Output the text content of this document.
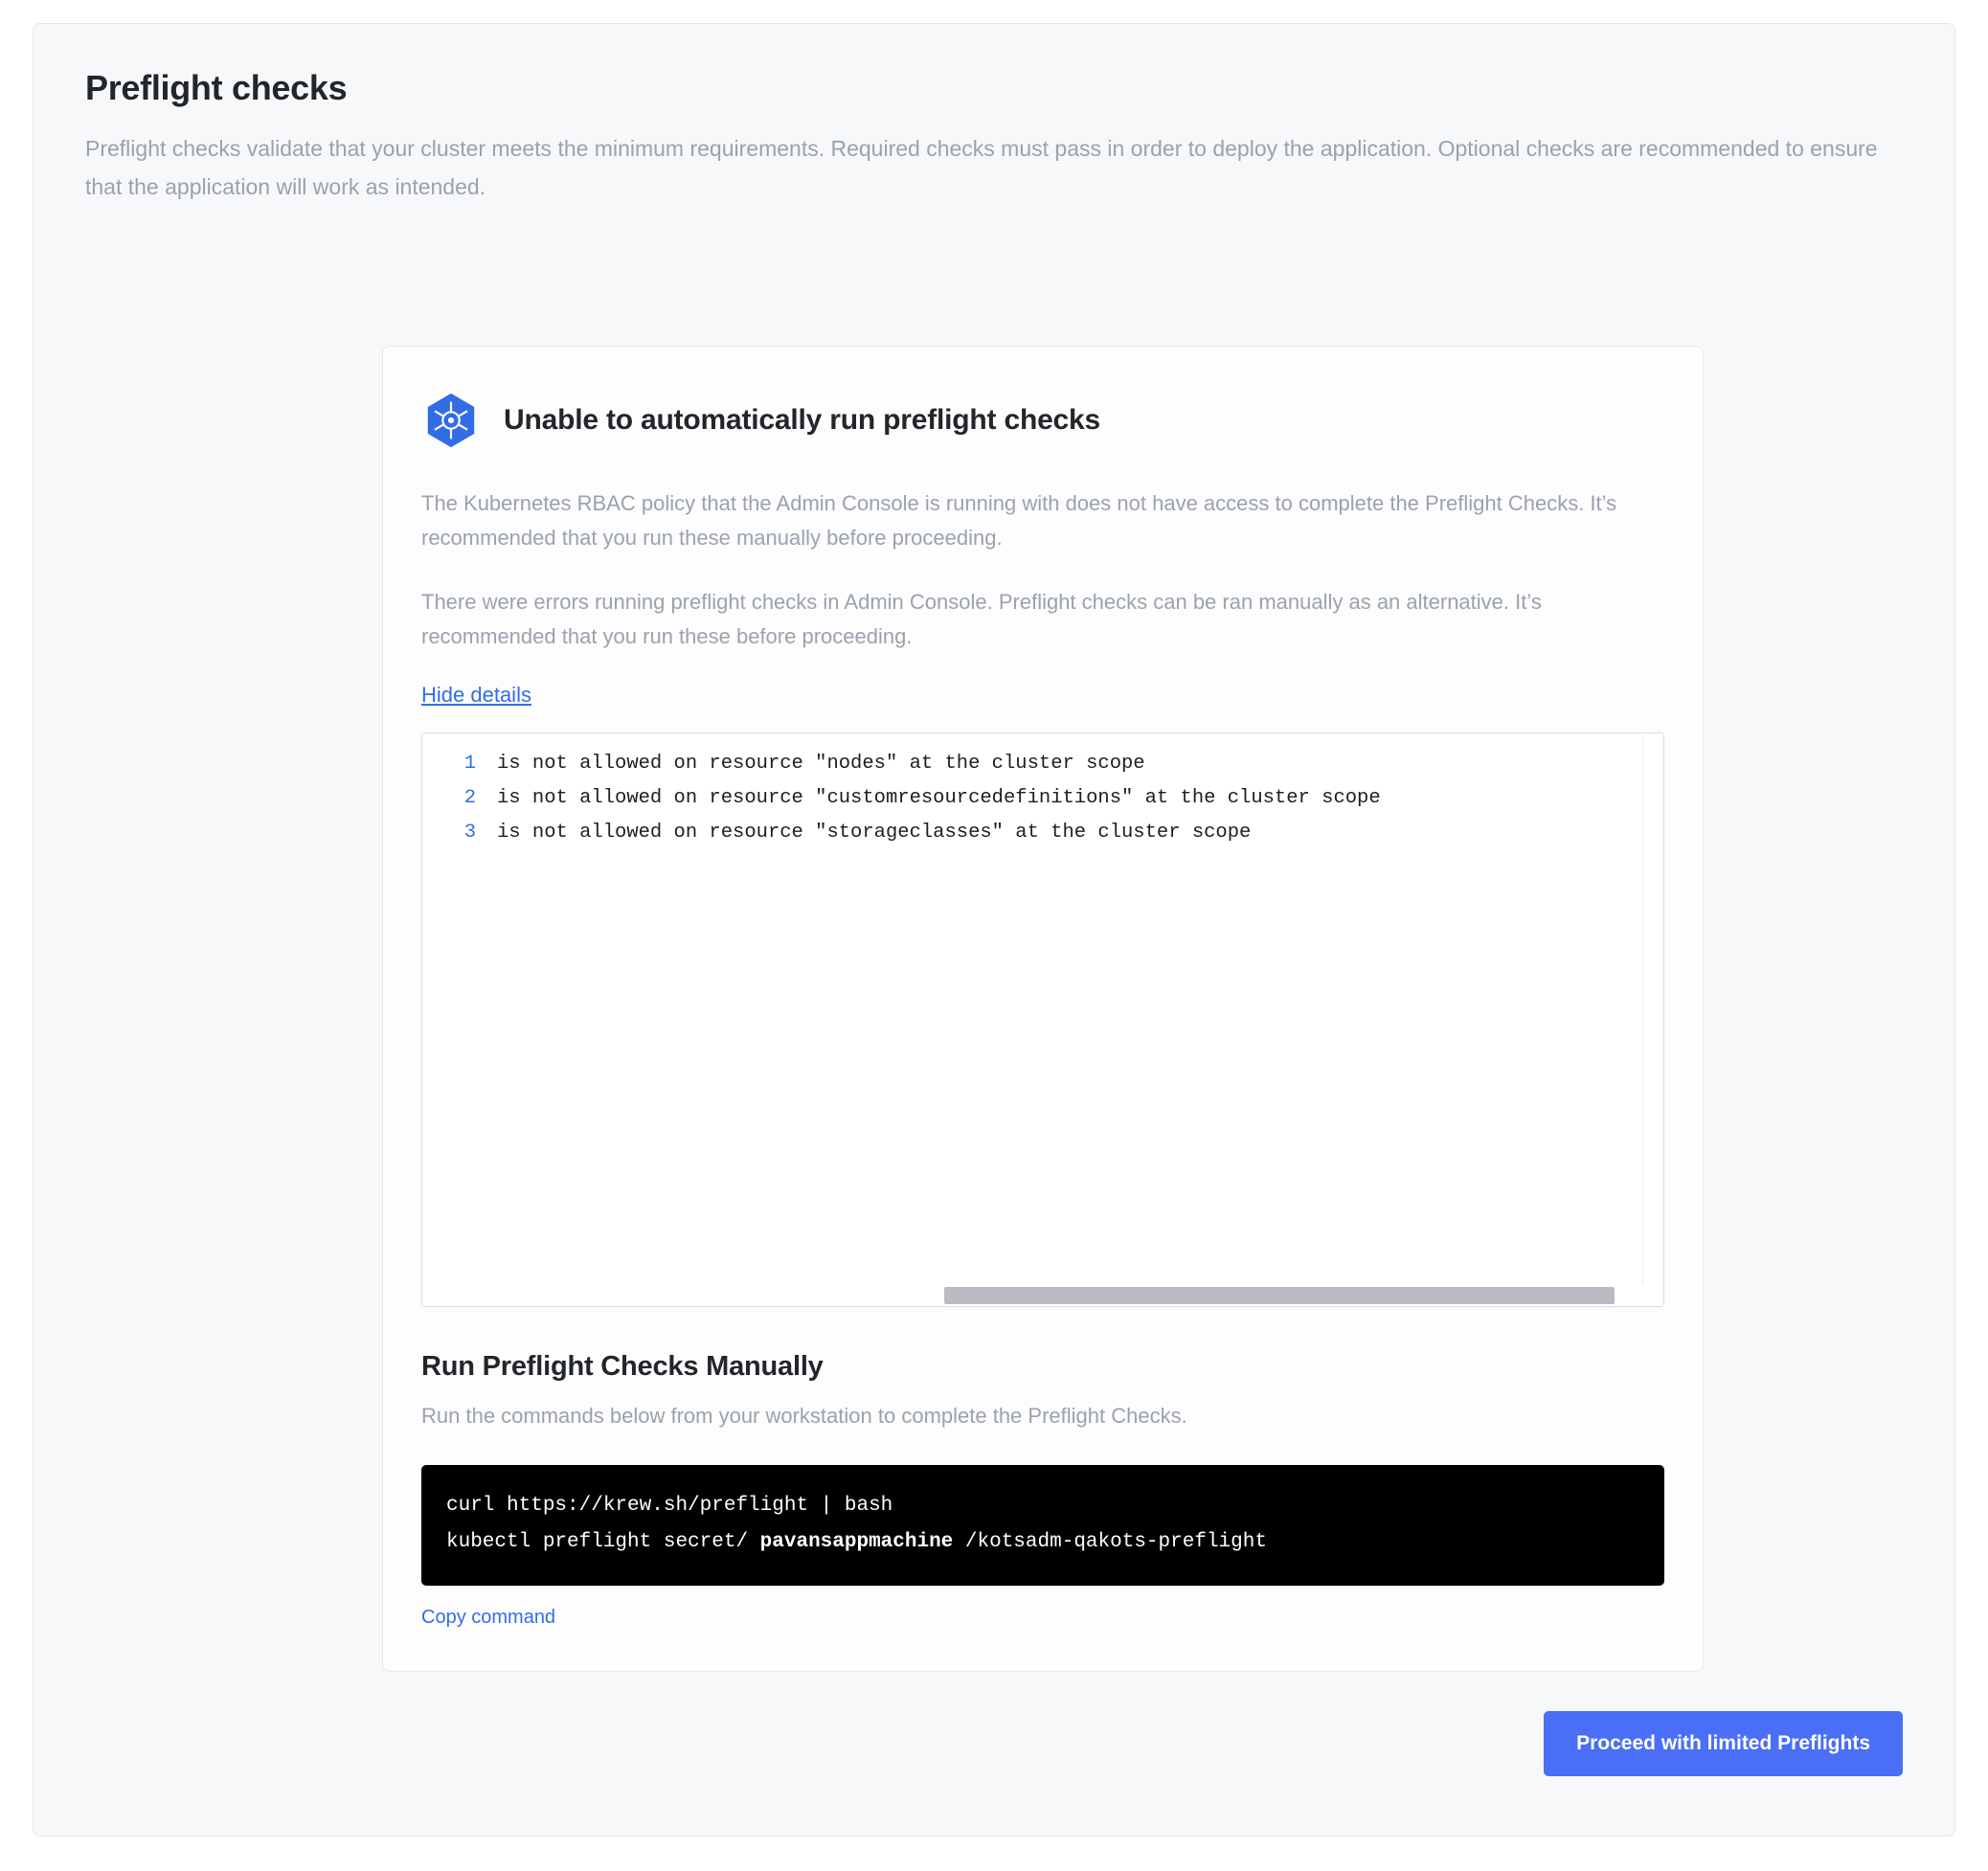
Preflight checks

Preflight checks validate that your cluster meets the minimum requirements. Required checks must pass in order to deploy the application. Optional checks are recommended to ensure that the application will work as intended.

Unable to automatically run preflight checks

The Kubernetes RBAC policy that the Admin Console is running with does not have access to complete the Preflight Checks. It’s recommended that you run these manually before proceeding.

There were errors running preflight checks in Admin Console. Preflight checks can be ran manually as an alternative. It’s recommended that you run these before proceeding.

Hide details
1	is not allowed on resource "nodes" at the cluster scope
2	is not allowed on resource "customresourcedefinitions" at the cluster scope
3	is not allowed on resource "storageclasses" at the cluster scope
Run Preflight Checks Manually

Run the commands below from your workstation to complete the Preflight Checks.

curl https://krew.sh/preflight | bash
kubectl preflight secret/ pavansappmachine /kotsadm-qakots-preflight
Copy command
Proceed with limited Preflights
